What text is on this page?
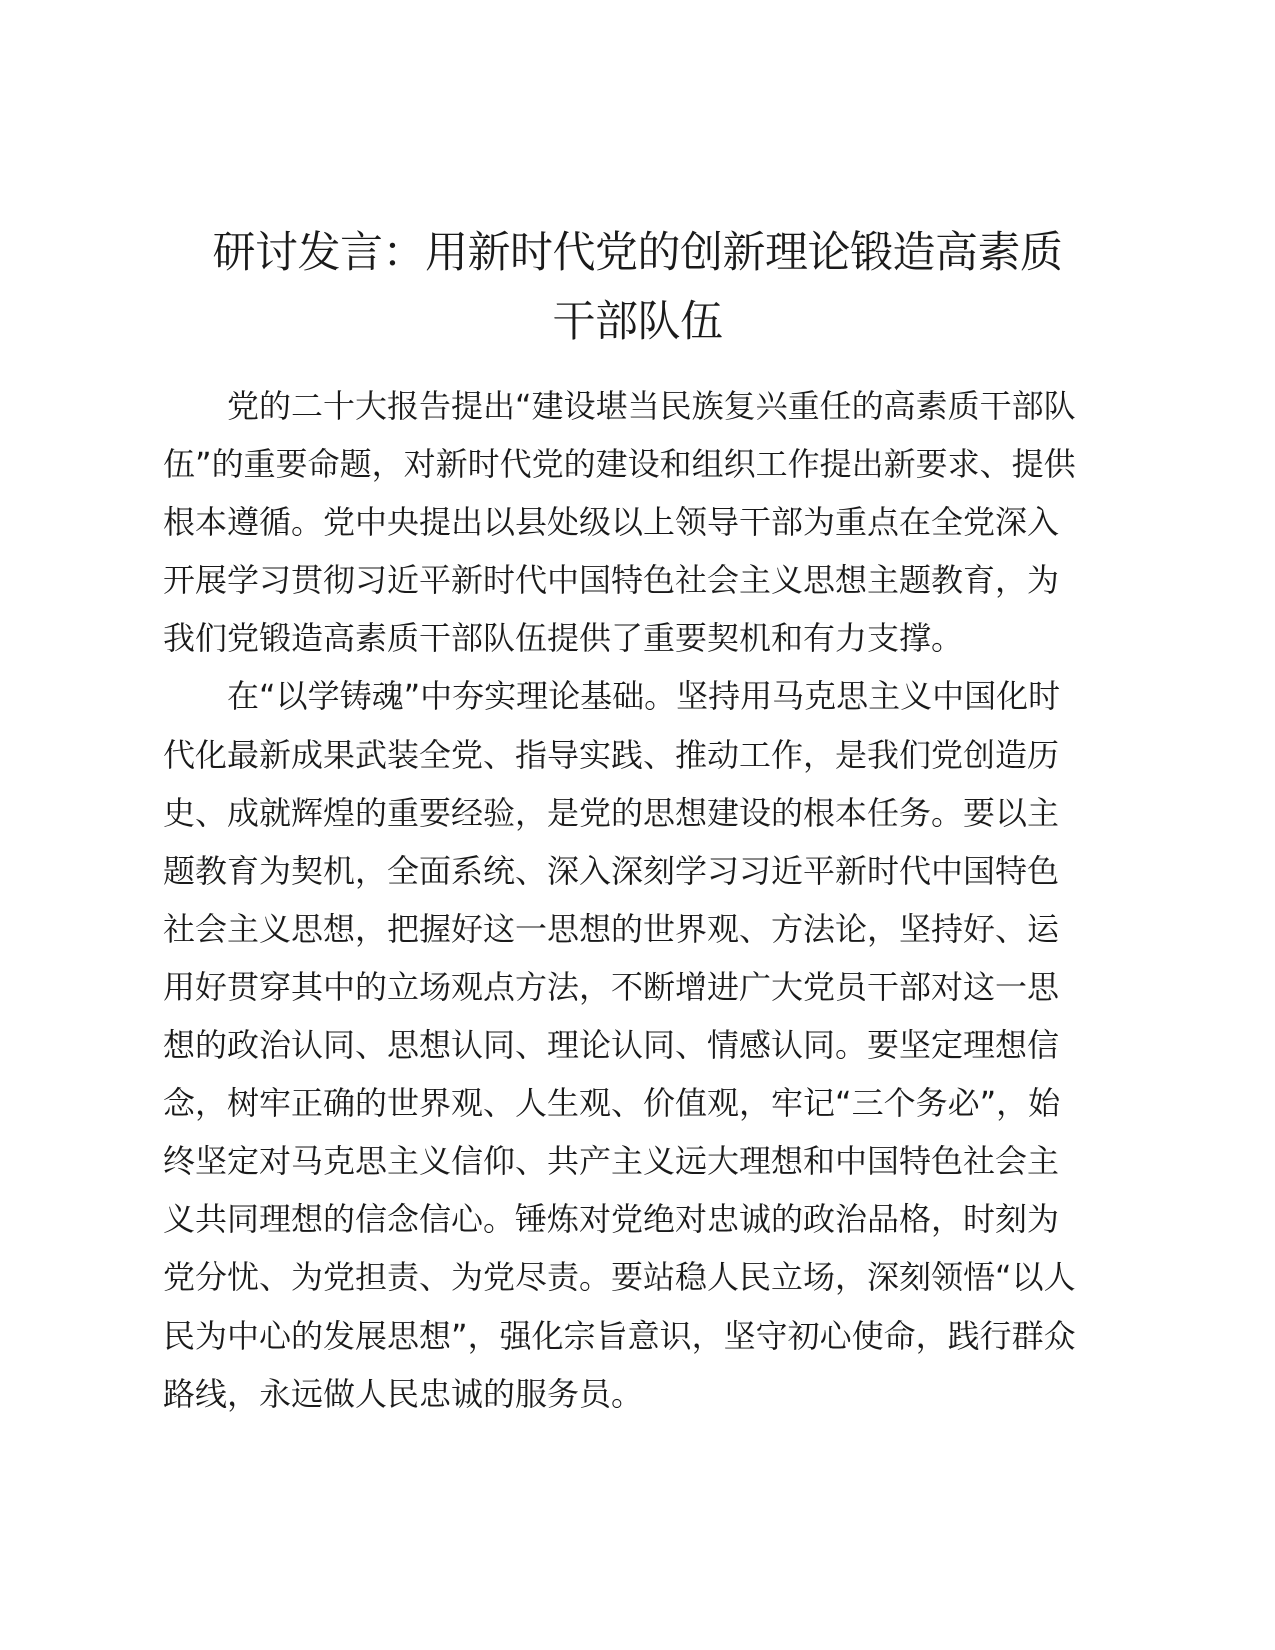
研讨发言：用新时代党的创新理论锻造高素质
干部队伍
党的二十大报告提出“建设堪当民族复兴重任的高素质干部队
伍”的重要命题，对新时代党的建设和组织工作提出新要求、提供
根本遵循。党中央提出以县处级以上领导干部为重点在全党深入
开展学习贯彻习近平新时代中国特色社会主义思想主题教育，为
我们党锻造高素质干部队伍提供了重要契机和有力支撑。
在“以学铸魂”中夯实理论基础。坚持用马克思主义中国化时
代化最新成果武装全党、指导实践、推动工作，是我们党创造历
史、成就辉煌的重要经验，是党的思想建设的根本任务。要以主
题教育为契机，全面系统、深入深刻学习习近平新时代中国特色
社会主义思想，把握好这一思想的世界观、方法论，坚持好、运
用好贯穿其中的立场观点方法，不断增进广大党员干部对这一思
想的政治认同、思想认同、理论认同、情感认同。要坚定理想信
念，树牢正确的世界观、人生观、价值观，牢记“三个务必”，始
终坚定对马克思主义信仰、共产主义远大理想和中国特色社会主
义共同理想的信念信心。锤炼对党绝对忠诚的政治品格，时刻为
党分忧、为党担责、为党尽责。要站稳人民立场，深刻领悟“以人
民为中心的发展思想”，强化宗旨意识，坚守初心使命，践行群众
路线，永远做人民忠诚的服务员。
